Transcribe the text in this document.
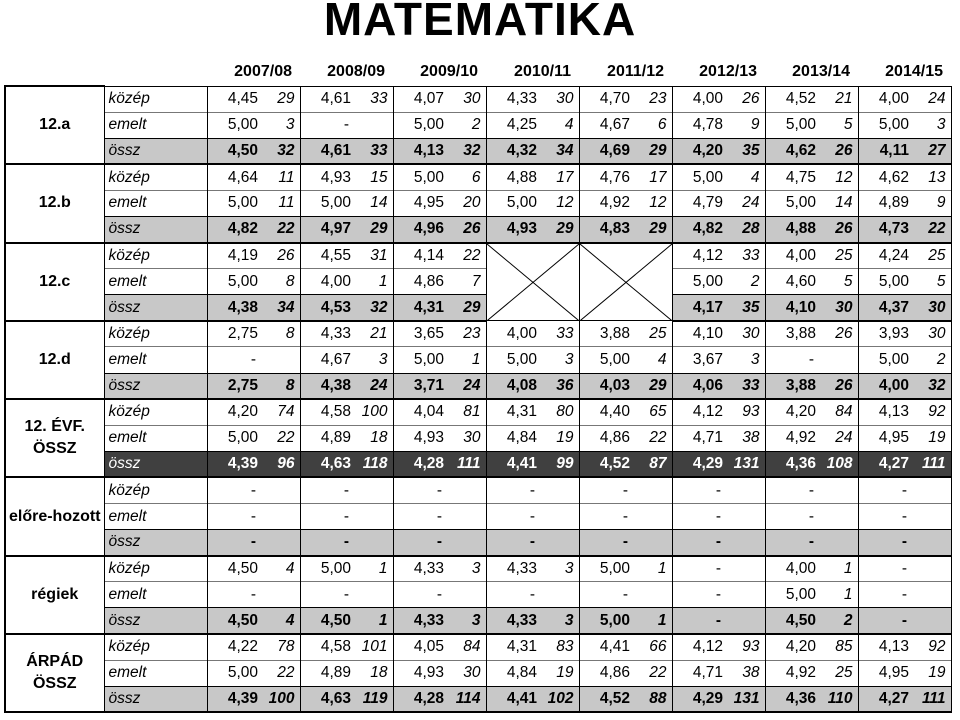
MATEMATIKA
		2007/08		2008/09		2009/10		2010/11		2011/12		2012/13		2013/14		2014/15	
12.a	közép	4,45	29	4,61	33	4,07	30	4,33	30	4,70	23	4,00	26	4,52	21	4,00	24
	emelt	5,00	3	-		5,00	2	4,25	4	4,67	6	4,78	9	5,00	5	5,00	3
	össz	4,50	32	4,61	33	4,13	32	4,32	34	4,69	29	4,20	35	4,62	26	4,11	27
12.b	közép	4,64	11	4,93	15	5,00	6	4,88	17	4,76	17	5,00	4	4,75	12	4,62	13
	emelt	5,00	11	5,00	14	4,95	20	5,00	12	4,92	12	4,79	24	5,00	14	4,89	9
	össz	4,82	22	4,97	29	4,96	26	4,93	29	4,83	29	4,82	28	4,88	26	4,73	22
12.c	közép	4,19	26	4,55	31	4,14	22					4,12	33	4,00	25	4,24	25
	emelt	5,00	8	4,00	1	4,86	7					5,00	2	4,60	5	5,00	5
	össz	4,38	34	4,53	32	4,31	29					4,17	35	4,10	30	4,37	30
12.d	közép	2,75	8	4,33	21	3,65	23	4,00	33	3,88	25	4,10	30	3,88	26	3,93	30
	emelt	-		4,67	3	5,00	1	5,00	3	5,00	4	3,67	3	-		5,00	2
	össz	2,75	8	4,38	24	3,71	24	4,08	36	4,03	29	4,06	33	3,88	26	4,00	32
12. ÉVF. ÖSSZ	közép	4,20	74	4,58	100	4,04	81	4,31	80	4,40	65	4,12	93	4,20	84	4,13	92
	emelt	5,00	22	4,89	18	4,93	30	4,84	19	4,86	22	4,71	38	4,92	24	4,95	19
	össz	4,39	96	4,63	118	4,28	111	4,41	99	4,52	87	4,29	131	4,36	108	4,27	111
előre-hozott	közép	-		-		-		-		-		-		-		-	
	emelt	-		-		-		-		-		-		-		-	
	össz	-		-		-		-		-		-		-		-	
régiek	közép	4,50	4	5,00	1	4,33	3	4,33	3	5,00	1	-		4,00	1	-	
	emelt	-		-		-		-		-		-		5,00	1	-	
	össz	4,50	4	4,50	1	4,33	3	4,33	3	5,00	1	-		4,50	2	-	
ÁRPÁD ÖSSZ	közép	4,22	78	4,58	101	4,05	84	4,31	83	4,41	66	4,12	93	4,20	85	4,13	92
	emelt	5,00	22	4,89	18	4,93	30	4,84	19	4,86	22	4,71	38	4,92	25	4,95	19
	össz	4,39	100	4,63	119	4,28	114	4,41	102	4,52	88	4,29	131	4,36	110	4,27	111
